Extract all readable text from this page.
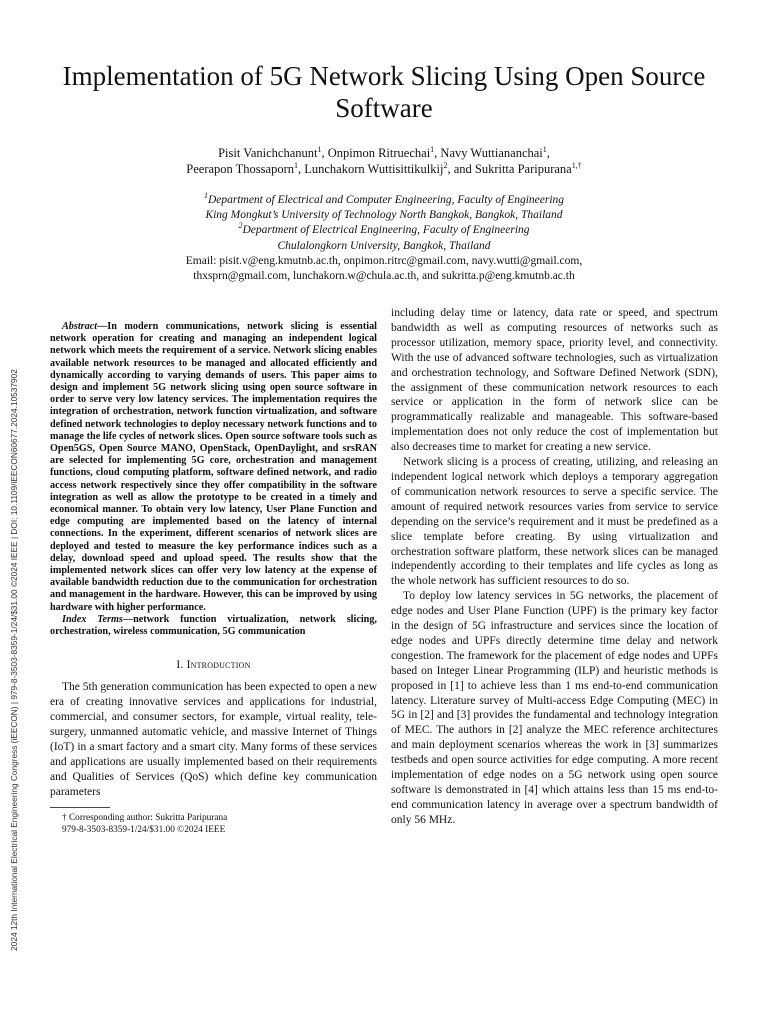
2024 12th International Electrical Engineering Congress (iEECON) | 979-8-3503-8359-1/24/$31.00 ©2024 IEEE | DOI: 10.1109/iEECON60677.2024.10537902
Implementation of 5G Network Slicing Using Open Source Software
Pisit Vanichchanunt$^1$, Onpimon Ritruechai$^1$, Navy Wuttiananchai$^1$,
Peerapon Thossaporn$^1$, Lunchakorn Wuttisittikulkij$^2$, and Sukritta Paripurana$^{1,\dagger}$
$^1$Department of Electrical and Computer Engineering, Faculty of Engineering
King Mongkut’s University of Technology North Bangkok, Bangkok, Thailand
$^2$Department of Electrical Engineering, Faculty of Engineering
Chulalongkorn University, Bangkok, Thailand
Email: pisit.v@eng.kmutnb.ac.th, onpimon.ritrc@gmail.com, navy.wutti@gmail.com,
thxsprn@gmail.com, lunchakorn.w@chula.ac.th, and sukritta.p@eng.kmutnb.ac.th

Abstract—In modern communications, network slicing is essential network operation for creating and managing an independent logical network which meets the requirement of a service. Network slicing enables available network resources to be managed and allocated efficiently and dynamically according to varying demands of users. This paper aims to design and implement 5G network slicing using open source software in order to serve very low latency services. The implementation requires the integration of orchestration, network function virtualization, and software defined network technologies to deploy necessary network functions and to manage the life cycles of network slices. Open source software tools such as Open5GS, Open Source MANO, OpenStack, OpenDaylight, and srsRAN are selected for implementing 5G core, orchestration and management functions, cloud computing platform, software defined network, and radio access network respectively since they offer compatibility in the software integration as well as allow the prototype to be created in a timely and economical manner. To obtain very low latency, User Plane Function and edge computing are implemented based on the latency of internal connections. In the experiment, different scenarios of network slices are deployed and tested to measure the key performance indices such as a delay, download speed and upload speed. The results show that the implemented network slices can offer very low latency at the expense of available bandwidth reduction due to the communication for orchestration and management in the hardware. However, this can be improved by using hardware with higher performance.

Index Terms—network function virtualization, network slicing, orchestration, wireless communication, 5G communication

I. Introduction

The 5th generation communication has been expected to open a new era of creating innovative services and applications for industrial, commercial, and consumer sectors, for example, virtual reality, tele-surgery, unmanned automatic vehicle, and massive Internet of Things (IoT) in a smart factory and a smart city. Many forms of these services and applications are usually implemented based on their requirements and Qualities of Services (QoS) which define key communication parameters

† Corresponding author: Sukritta Paripurana

979-8-3503-8359-1/24/$31.00 ©2024 IEEE

including delay time or latency, data rate or speed, and spectrum bandwidth as well as computing resources of networks such as processor utilization, memory space, priority level, and connectivity. With the use of advanced software technologies, such as virtualization and orchestration technology, and Software Defined Network (SDN), the assignment of these communication network resources to each service or application in the form of network slice can be programmatically realizable and manageable. This software-based implementation does not only reduce the cost of implementation but also decreases time to market for creating a new service.

Network slicing is a process of creating, utilizing, and releasing an independent logical network which deploys a temporary aggregation of communication network resources to serve a specific service. The amount of required network resources varies from service to service depending on the service’s requirement and it must be predefined as a slice template before creating. By using virtualization and orchestration software platform, these network slices can be managed independently according to their templates and life cycles as long as the whole network has sufficient resources to do so.

To deploy low latency services in 5G networks, the placement of edge nodes and User Plane Function (UPF) is the primary key factor in the design of 5G infrastructure and services since the location of edge nodes and UPFs directly determine time delay and network congestion. The framework for the placement of edge nodes and UPFs based on Integer Linear Programming (ILP) and heuristic methods is proposed in [1] to achieve less than 1 ms end-to-end communication latency. Literature survey of Multi-access Edge Computing (MEC) in 5G in [2] and [3] provides the fundamental and technology integration of MEC. The authors in [2] analyze the MEC reference architectures and main deployment scenarios whereas the work in [3] summarizes testbeds and open source activities for edge computing. A more recent implementation of edge nodes on a 5G network using open source software is demonstrated in [4] which attains less than 15 ms end-to-end communication latency in average over a spectrum bandwidth of only 56 MHz.
